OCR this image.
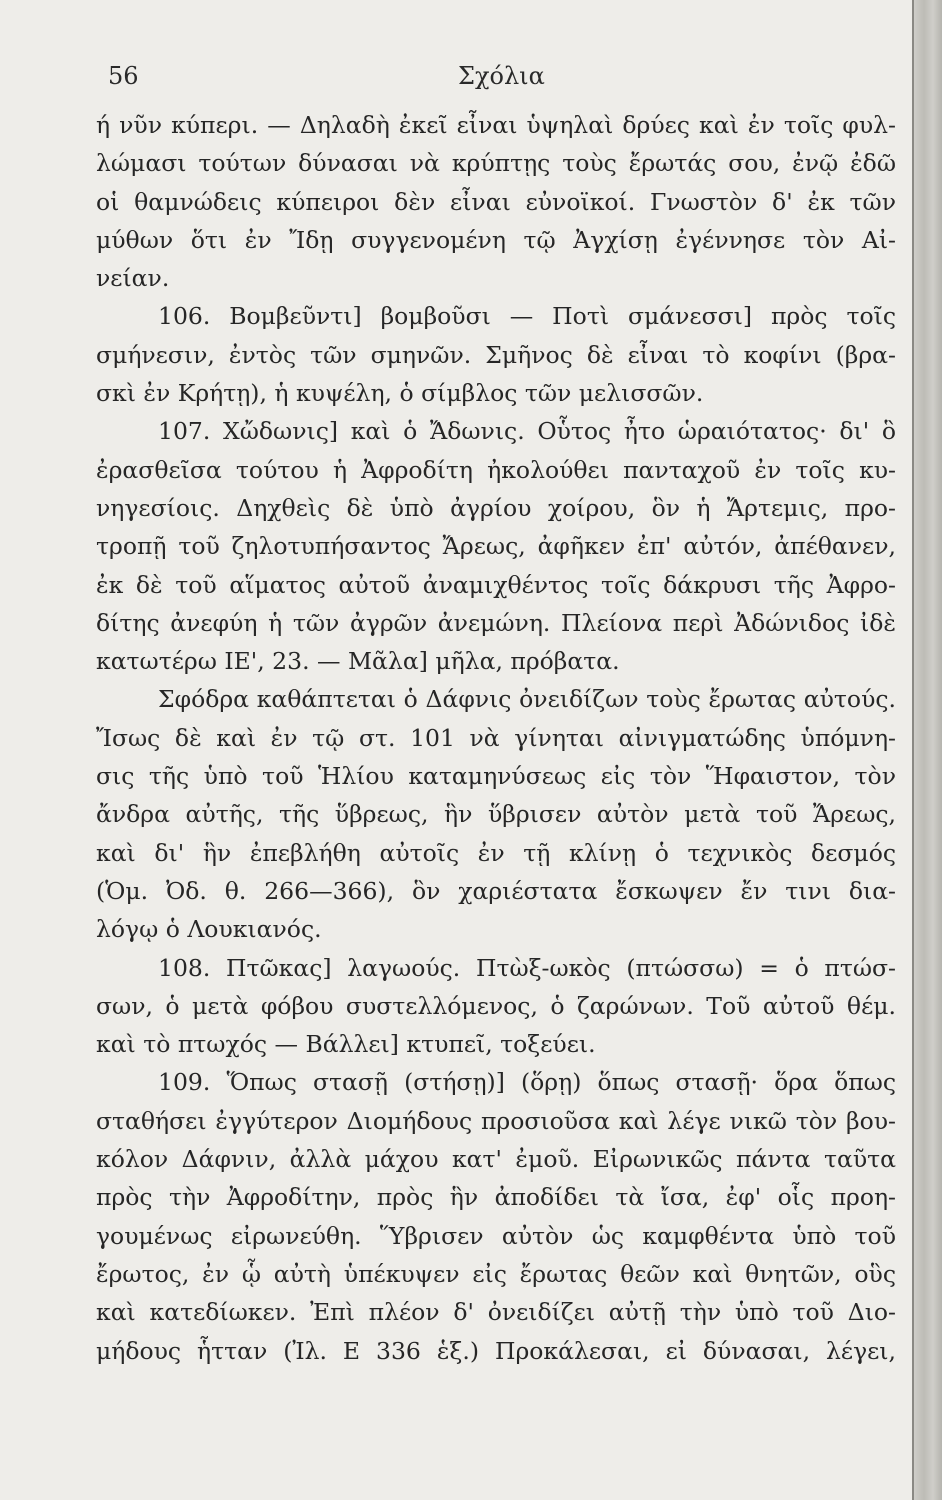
56	Σχόλια
ή νῦν κύπερι. — Δηλαδὴ ἐκεῖ εἶναι ὑψηλαὶ δρύες καὶ ἐν τοῖς φυλ-
λώμασι τούτων δύνασαι νὰ κρύπτῃς τοὺς ἔρωτάς σου, ἐνῷ ἐδῶ
οἱ θαμνώδεις κύπειροι δὲν εἶναι εὐνοϊκοί. Γνωστὸν δ' ἐκ τῶν
μύθων ὅτι ἐν Ἴδῃ συγγενομένη τῷ Ἀγχίσῃ ἐγέννησε τὸν Αἰ-
νείαν.
106. Βομβεῦντι] βομβοῦσι — Ποτὶ σμάνεσσι] πρὸς τοῖς
σμήνεσιν, ἐντὸς τῶν σμηνῶν. Σμῆνος δὲ εἶναι τὸ κοφίνι (βρα-
σκὶ ἐν Κρήτῃ), ἡ κυψέλη, ὁ σίμβλος τῶν μελισσῶν.
107. Χὤδωνις] καὶ ὁ Ἄδωνις. Οὗτος ἦτο ὡραιότατος· δι' ὃ
ἐρασθεῖσα τούτου ἡ Ἀφροδίτη ἠκολούθει πανταχοῦ ἐν τοῖς κυ-
νηγεσίοις. Δηχθεὶς δὲ ὑπὸ ἀγρίου χοίρου, ὃν ἡ Ἄρτεμις, προ-
τροπῇ τοῦ ζηλοτυπήσαντος Ἄρεως, ἀφῆκεν ἐπ' αὐτόν, ἀπέθανεν,
ἐκ δὲ τοῦ αἵματος αὐτοῦ ἀναμιχθέντος τοῖς δάκρυσι τῆς Ἀφρο-
δίτης ἀνεφύη ἡ τῶν ἀγρῶν ἀνεμώνη. Πλείονα περὶ Ἀδώνιδος ἰδὲ
κατωτέρω ΙΕ', 23. — Μᾶλα] μῆλα, πρόβατα.
Σφόδρα καθάπτεται ὁ Δάφνις ὀνειδίζων τοὺς ἔρωτας αὐτούς.
Ἴσως δὲ καὶ ἐν τῷ στ. 101 νὰ γίνηται αἰνιγματώδης ὑπόμνη-
σις τῆς ὑπὸ τοῦ Ἡλίου καταμηνύσεως εἰς τὸν Ἥφαιστον, τὸν
ἄνδρα αὐτῆς, τῆς ὕβρεως, ἣν ὕβρισεν αὐτὸν μετὰ τοῦ Ἄρεως,
καὶ δι' ἣν ἐπεβλήθη αὐτοῖς ἐν τῇ κλίνῃ ὁ τεχνικὸς δεσμός
(Ὁμ. Ὀδ. θ. 266—366), ὃν χαριέστατα ἔσκωψεν ἔν τινι δια-
λόγῳ ὁ Λουκιανός.
108. Πτῶκας] λαγωούς. Πτὼξ-ωκὸς (πτώσσω) = ὁ πτώσ-
σων, ὁ μετὰ φόβου συστελλόμενος, ὁ ζαρώνων. Τοῦ αὐτοῦ θέμ.
καὶ τὸ πτωχός — Βάλλει] κτυπεῖ, τοξεύει.
109. Ὅπως στασῇ (στήσῃ)] (ὅρῃ) ὅπως στασῇ· ὅρα ὅπως
σταθήσει ἐγγύτερον Διομήδους προσιοῦσα καὶ λέγε νικῶ τὸν βου-
κόλον Δάφνιν, ἀλλὰ μάχου κατ' ἐμοῦ. Εἰρωνικῶς πάντα ταῦτα
πρὸς τὴν Ἀφροδίτην, πρὸς ἣν ἀποδίδει τὰ ἴσα, ἐφ' οἷς προη-
γουμένως εἰρωνεύθη. Ὕβρισεν αὐτὸν ὡς καμφθέντα ὑπὸ τοῦ
ἔρωτος, ἐν ᾧ αὐτὴ ὑπέκυψεν εἰς ἔρωτας θεῶν καὶ θνητῶν, οὓς
καὶ κατεδίωκεν. Ἐπὶ πλέον δ' ὀνειδίζει αὐτῇ τὴν ὑπὸ τοῦ Διο-
μήδους ἧτταν (Ἰλ. Ε 336 ἑξ.) Προκάλεσαι, εἰ δύνασαι, λέγει,
